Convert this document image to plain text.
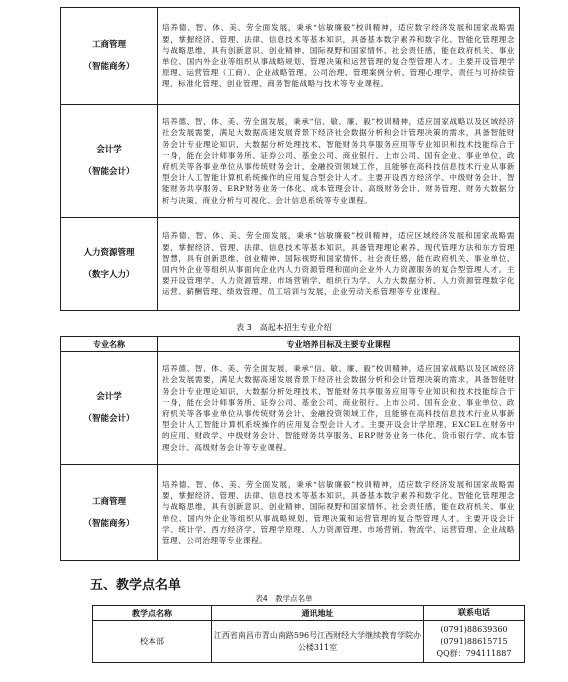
工商管理
（智能商务）	培养德、智、体、美、劳全面发展，秉承“信敏廉毅”校训精神，适应数字经济发展和国家战略需要，掌握经济、管理、法律、信息技术等基本知识，具备基本数字素养和数字化、智能化管理理念与战略思维，具有创新意识、创业精神、国际视野和国家情怀、社会责任感，能在政府机关、事业单位、国内外企业等组织从事战略规划、管理决策和运营管理的复合型管理人才。主要开设管理学原理、运营管理（工商）、企业战略管理、公司治理、管理案例分析、管理心理学、责任与可持续管理、标准化管理、创业管理、商务智能战略与技术等专业课程。

会计学
（智能会计）	培养德、智、体、美、劳全面发展，秉承“信、敏、廉、毅”校训精神，适应国家战略以及区域经济社会发展需要，满足大数据高速发展背景下经济社会数据分析和会计管理决策的需求，具备智能财务会计专业理论知识、大数据分析处理技术、智能财务共享服务应用等专业知识和技术技能综合于一身，能在会计师事务所、证券公司、基金公司、商业银行、上市公司、国有企业、事业单位、政府机关等各事业单位从事传统财务会计、金融投资领域工作，且能够在高科技信息技术行业从事新型会计人工智能计算机系统操作的应用复合型会计人才。主要开设西方经济学、中级财务会计、智能财务共享服务、ERP财务业务一体化、成本管理会计、高级财务会计、财务管理、财务大数据分析与决策、商业分析与可视化、会计信息系统等专业课程。

人力资源管理
（数字人力）	培养德、智、体、美、劳全面发展，秉承“信敏廉毅”校训精神，适应区域经济发展和国家战略需要，掌握经济、管理、法律、信息技术等基本知识，具备管理理论素养、现代管理方法和东方管理智慧，具有创新思维、创业精神、国际视野和国家情怀、社会责任感，能在政府机关、事业单位、国内外企业等组织从事面向企业内人力资源管理和面向企业外人力资源服务的复合型管理人才。主要开设管理学、人力资源管理、市场营销学、组织行为学、人力大数据分析、人力资源管理数字化运营、薪酬管理、绩效管理、员工培训与发展、企业劳动关系管理等专业课程。
表 3　高起本招生专业介绍
专业名称	专业培养目标及主要专业课程

会计学
（智能会计）	培养德、智、体、美、劳全面发展，秉承“信、敏、廉、毅”校训精神，适应国家战略以及区域经济社会发展需要，满足大数据高速发展背景下经济社会数据分析和会计管理决策的需求，具备智能财务会计专业理论知识、大数据分析处理技术、智能财务共享服务应用等专业知识和技术技能综合于一身，能在会计师事务所、证券公司、基金公司、商业银行、上市公司、国有企业、事业单位、政府机关等各事业单位从事传统财务会计、金融投资领域工作，且能够在高科技信息技术行业从事新型会计人工智能计算机系统操作的应用复合型会计人才。主要开设会计学原理、EXCEL在财务中的应用、财政学、中级财务会计、智能财务共享服务、ERP财务业务一体化、货币银行学、成本管理会计、高级财务会计等专业课程。

工商管理
（智能商务）	培养德、智、体、美、劳全面发展，秉承“信敏廉毅”校训精神，适应数字经济发展和国家战略需要，掌握经济、管理、法律、信息技术等基本知识，具备基本数字素养和数字化、智能化管理理念与战略思维，具有创新意识、创业精神、国际视野和国家情怀、社会责任感，能在政府机关、事业单位、国内外企业等组织从事战略规划、管理决策和运营管理的复合型管理人才。主要开设会计学、统计学、西方经济学、管理学原理、人力资源管理、市场营销、物流学、运营管理、企业战略管理、公司治理等专业课程。
五、教学点名单
表4　教学点名单
教学点名称	通讯地址	联系电话
校本部	江西省南昌市青山南路596号江西财经大学继续教育学院办公楼311室	(0791)88639360
(0791)88615715
QQ群：794111887
